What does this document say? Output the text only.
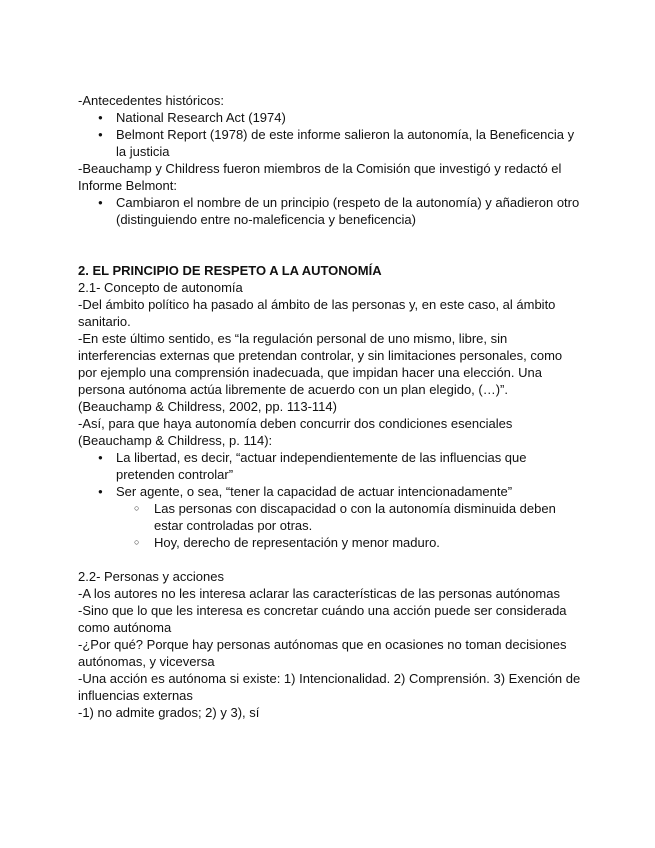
-Antecedentes históricos:

● National Research Act (1974)
● Belmont Report (1978) de este informe salieron la autonomía, la Beneficencia y la justicia

-Beauchamp y Childress fueron miembros de la Comisión que investigó y redactó el Informe Belmont:

● Cambiaron el nombre de un principio (respeto de la autonomía) y añadieron otro (distinguiendo entre no-maleficencia y beneficencia)

2. EL PRINCIPIO DE RESPETO A LA AUTONOMÍA

2.1- Concepto de autonomía

-Del ámbito político ha pasado al ámbito de las personas y, en este caso, al ámbito sanitario.

-En este último sentido, es “la regulación personal de uno mismo, libre, sin interferencias externas que pretendan controlar, y sin limitaciones personales, como por ejemplo una comprensión inadecuada, que impidan hacer una elección. Una persona autónoma actúa libremente de acuerdo con un plan elegido, (…)”. (Beauchamp & Childress, 2002, pp. 113-114)

-Así, para que haya autonomía deben concurrir dos condiciones esenciales (Beauchamp & Childress, p. 114):

● La libertad, es decir, “actuar independientemente de las influencias que pretenden controlar”
● Ser agente, o sea, “tener la capacidad de actuar intencionadamente”
○ Las personas con discapacidad o con la autonomía disminuida deben estar controladas por otras.
○ Hoy, derecho de representación y menor maduro.

2.2- Personas y acciones

-A los autores no les interesa aclarar las características de las personas autónomas

-Sino que lo que les interesa es concretar cuándo una acción puede ser considerada como autónoma

-¿Por qué? Porque hay personas autónomas que en ocasiones no toman decisiones autónomas, y viceversa

-Una acción es autónoma si existe: 1) Intencionalidad. 2) Comprensión. 3) Exención de influencias externas

-1) no admite grados; 2) y 3), sí
